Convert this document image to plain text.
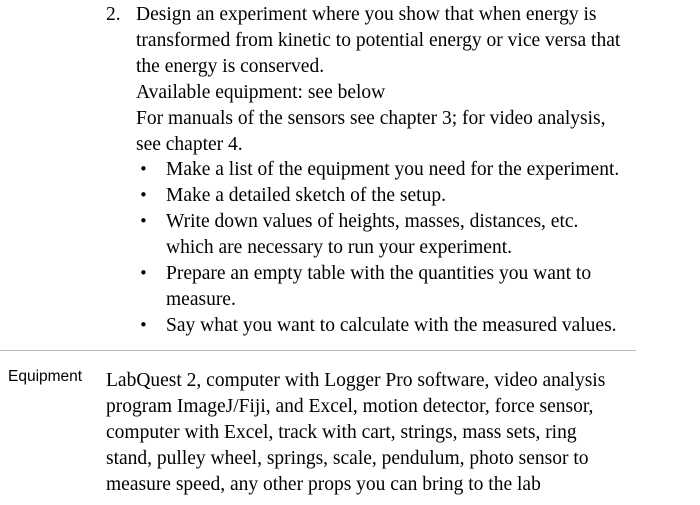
2. Design an experiment where you show that when energy is
transformed from kinetic to potential energy or vice versa that
the energy is conserved.

Available equipment: see below

For manuals of the sensors see chapter 3; for video analysis,
see chapter 4.

• Make a list of the equipment you need for the experiment.
• Make a detailed sketch of the setup.
• Write down values of heights, masses, distances, etc.
which are necessary to run your experiment.
• Prepare an empty table with the quantities you want to
measure.
• Say what you want to calculate with the measured values.
Equipment LabQuest 2, computer with Logger Pro software, video analysis
program ImageJ/Fiji, and Excel, motion detector, force sensor,
computer with Excel, track with cart, strings, mass sets, ring
stand, pulley wheel, springs, scale, pendulum, photo sensor to
measure speed, any other props you can bring to the lab
